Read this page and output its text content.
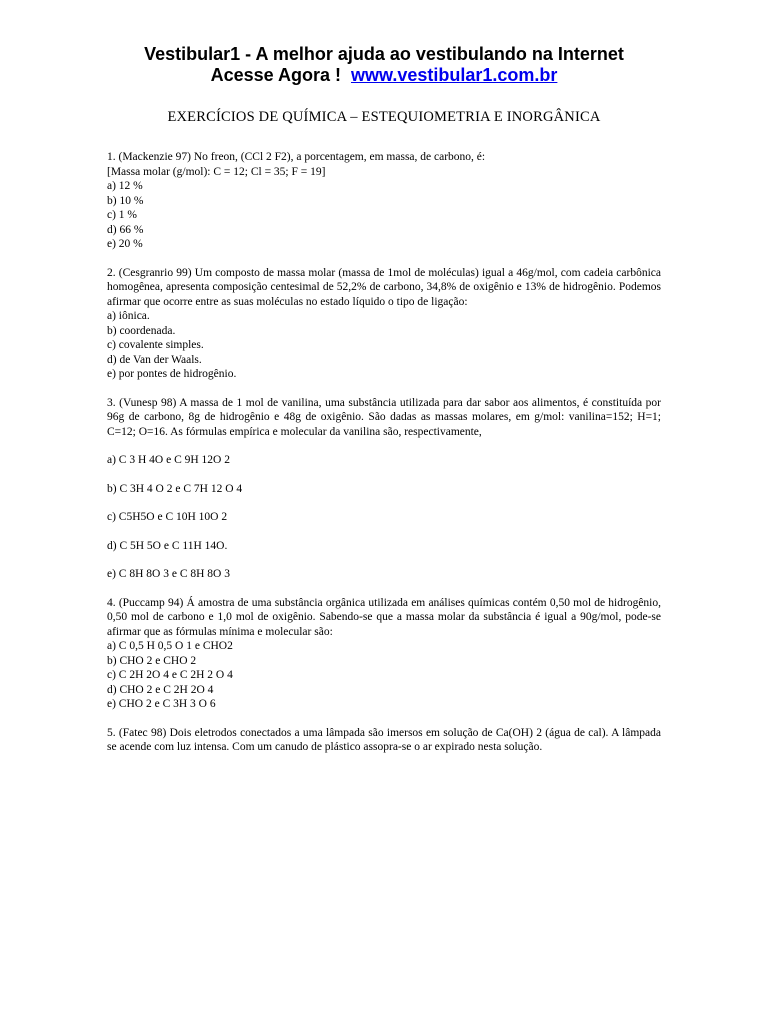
Vestibular1 - A melhor ajuda ao vestibulando na Internet
Acesse Agora ! www.vestibular1.com.br
EXERCÍCIOS DE QUÍMICA – ESTEQUIOMETRIA E INORGÂNICA

1. (Mackenzie 97) No freon, (CCl 2 F2), a porcentagem, em massa, de carbono, é:

[Massa molar (g/mol): C = 12; Cl = 35; F = 19]

a) 12 %
b) 10 %
c) 1 %
d) 66 %
e) 20 %

2. (Cesgranrio 99) Um composto de massa molar (massa de 1mol de moléculas) igual a 46g/mol, com cadeia carbônica homogênea, apresenta composição centesimal de 52,2% de carbono, 34,8% de oxigênio e 13% de hidrogênio. Podemos afirmar que ocorre entre as suas moléculas no estado líquido o tipo de ligação:

a) iônica.
b) coordenada.
c) covalente simples.
d) de Van der Waals.
e) por pontes de hidrogênio.

3. (Vunesp 98) A massa de 1 mol de vanilina, uma substância utilizada para dar sabor aos alimentos, é constituída por 96g de carbono, 8g de hidrogênio e 48g de oxigênio. São dadas as massas molares, em g/mol: vanilina=152; H=1; C=12; O=16. As fórmulas empírica e molecular da vanilina são, respectivamente,

a) C 3 H 4O e C 9H 12O 2
b) C 3H 4 O 2 e C 7H 12 O 4
c) C5H5O e C 10H 10O 2
d) C 5H 5O e C 11H 14O.
e) C 8H 8O 3 e C 8H 8O 3

4. (Puccamp 94) Á amostra de uma substância orgânica utilizada em análises químicas contém 0,50 mol de hidrogênio, 0,50 mol de carbono e 1,0 mol de oxigênio. Sabendo-se que a massa molar da substância é igual a 90g/mol, pode-se afirmar que as fórmulas mínima e molecular são:

a) C 0,5 H 0,5 O 1 e CHO2
b) CHO 2 e CHO 2
c) C 2H 2O 4 e C 2H 2 O 4
d) CHO 2 e C 2H 2O 4
e) CHO 2 e C 3H 3 O 6

5. (Fatec 98) Dois eletrodos conectados a uma lâmpada são imersos em solução de Ca(OH) 2 (água de cal). A lâmpada se acende com luz intensa. Com um canudo de plástico assopra-se o ar expirado nesta solução.
